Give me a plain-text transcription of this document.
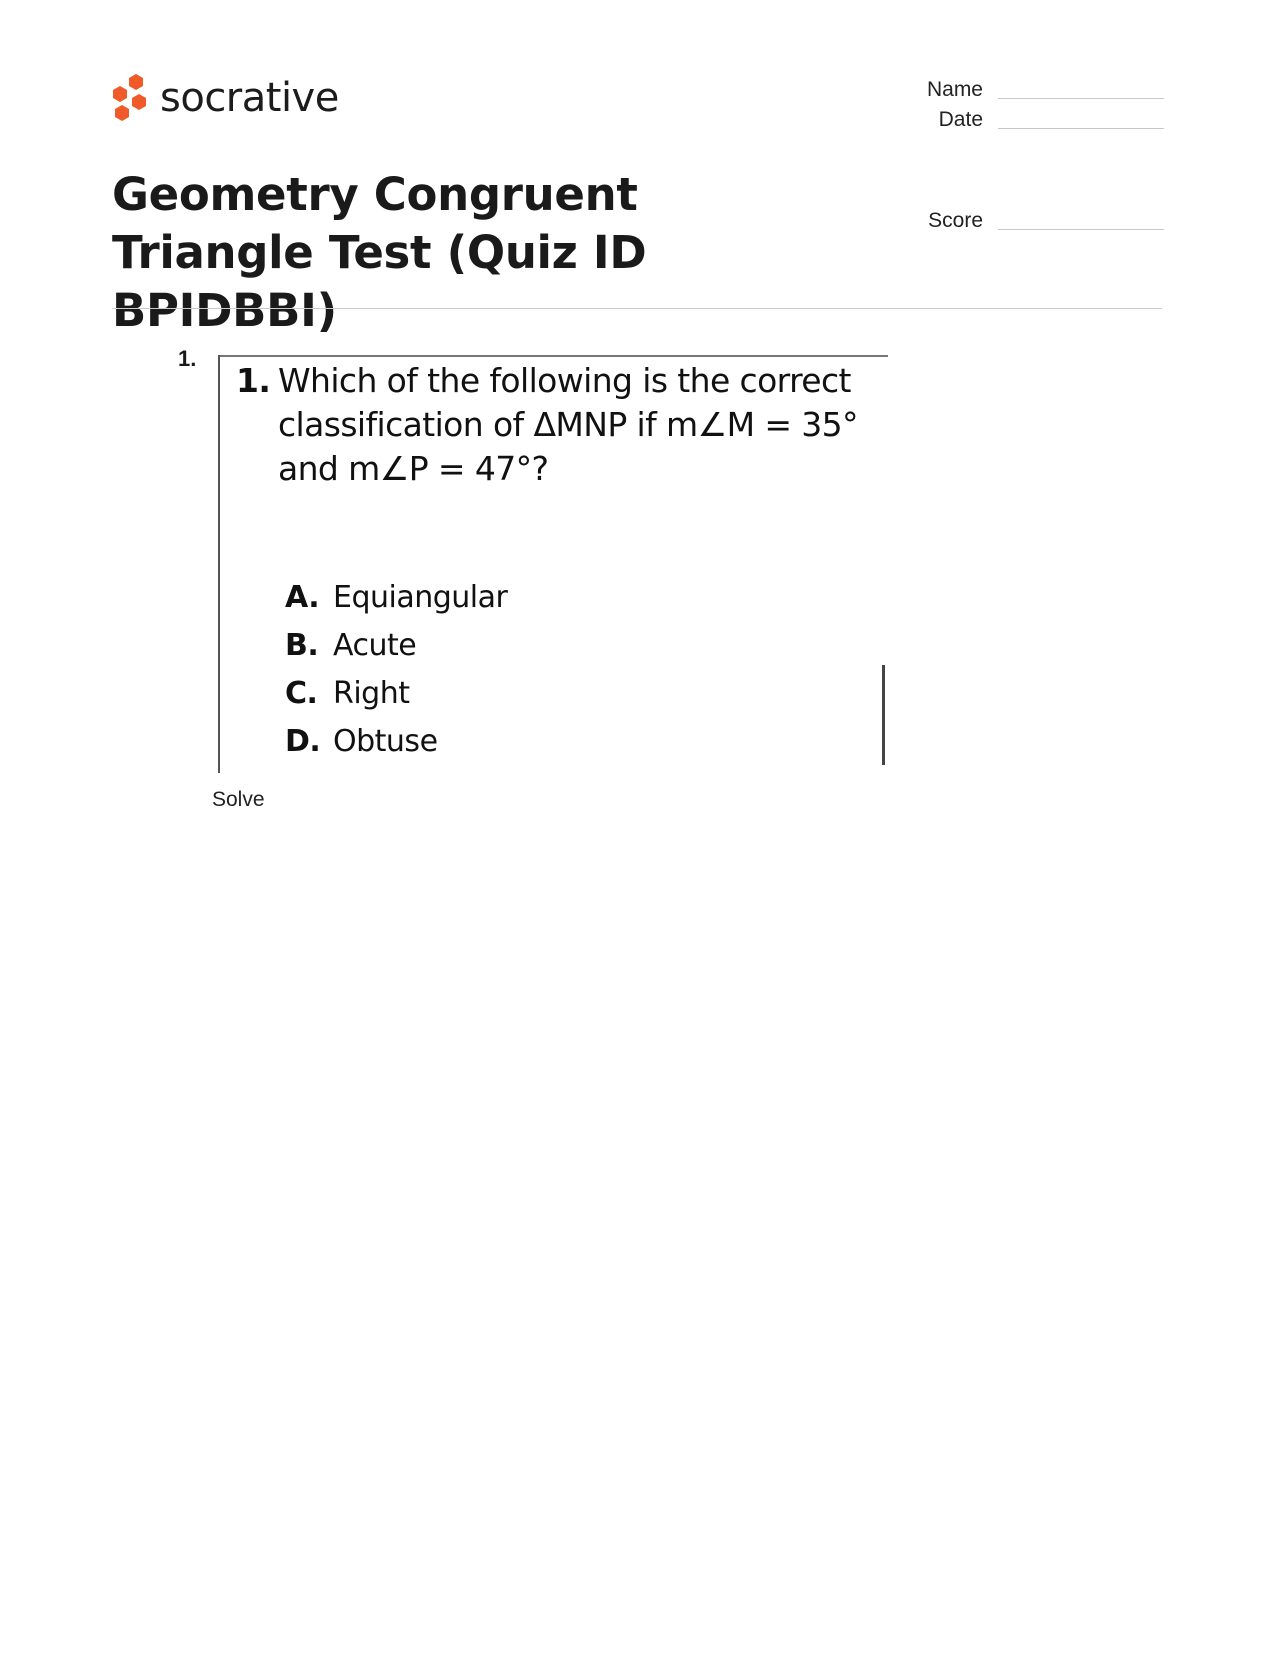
socrative	Name
Date
Score
Geometry Congruent Triangle Test (Quiz ID BPIDBBI)
1.
1. Which of the following is the correct
classification of ΔMNP if m∠M = 35°
and m∠P = 47°?
A. Equiangular
B. Acute
C. Right
D. Obtuse
Solve
